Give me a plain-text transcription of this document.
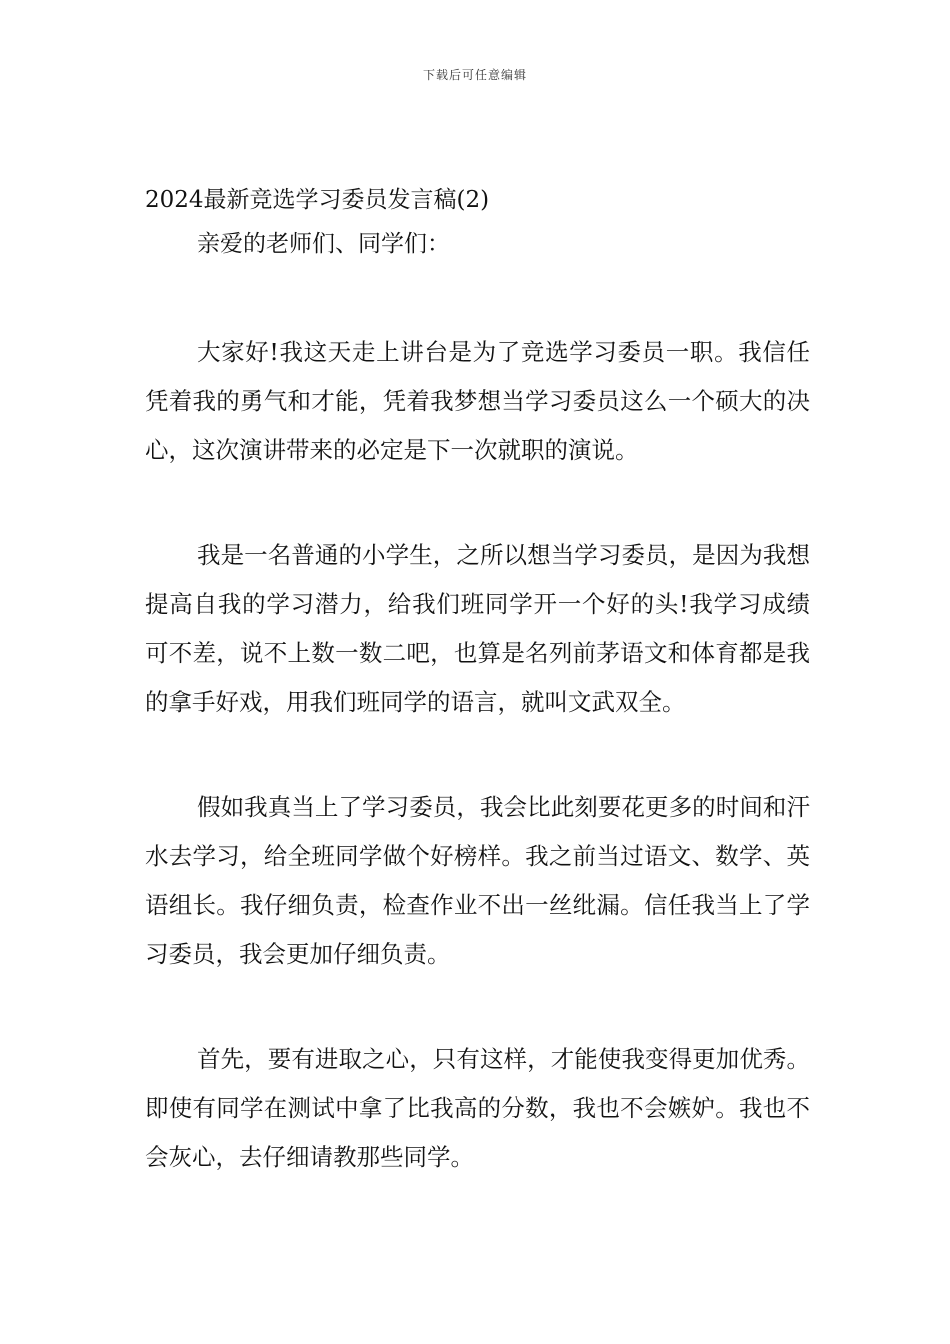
下载后可任意编辑
2024最新竞选学习委员发言稿(2)

亲爱的老师们、同学们：

大家好!我这天走上讲台是为了竞选学习委员一职。我信任凭着我的勇气和才能，凭着我梦想当学习委员这么一个硕大的决心，这次演讲带来的必定是下一次就职的演说。

我是一名普通的小学生，之所以想当学习委员，是因为我想提高自我的学习潜力，给我们班同学开一个好的头!我学习成绩可不差，说不上数一数二吧，也算是名列前茅语文和体育都是我的拿手好戏，用我们班同学的语言，就叫文武双全。

假如我真当上了学习委员，我会比此刻要花更多的时间和汗水去学习，给全班同学做个好榜样。我之前当过语文、数学、英语组长。我仔细负责，检查作业不出一丝纰漏。信任我当上了学习委员，我会更加仔细负责。

首先，要有进取之心，只有这样，才能使我变得更加优秀。即使有同学在测试中拿了比我高的分数，我也不会嫉妒。我也不会灰心，去仔细请教那些同学。
